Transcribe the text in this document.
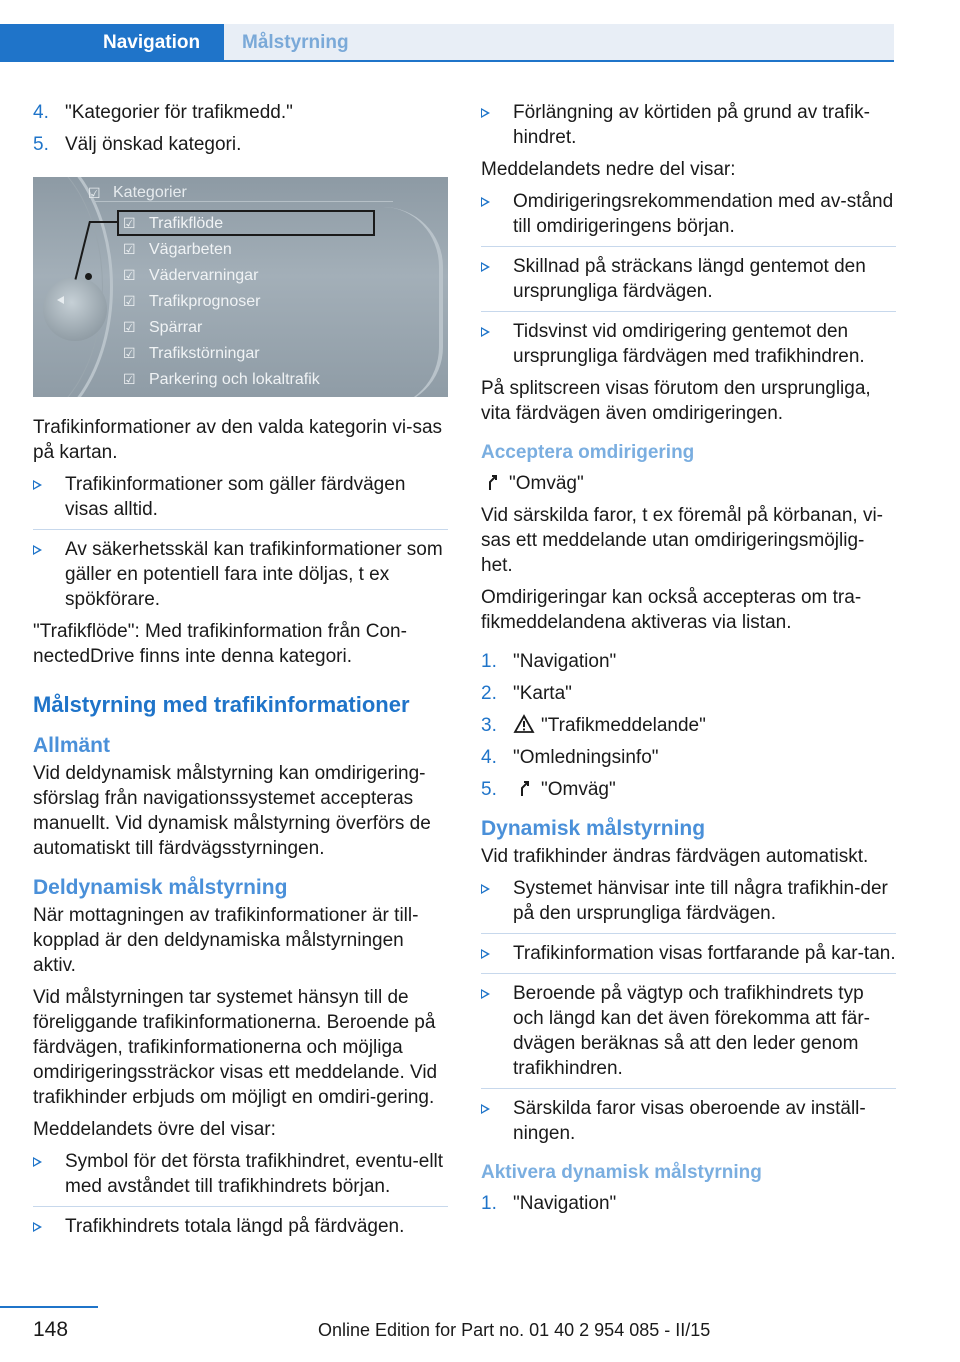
Navigation	Målstyrning
4. "Kategorier för trafikmedd."
5. Välj önskad kategori.
☑ Kategorier
☑ Trafikflöde
☑ Vägarbeten
☑ Vädervarningar
☑ Trafikprognoser
☑ Spärrar
☑ Trafikstörningar
☑ Parkering och lokaltrafik

Trafikinformationer av den valda kategorin vi-sas på kartan.

Trafikinformationer som gäller färdvägen visas alltid.
Av säkerhetsskäl kan trafikinformationer som gäller en potentiell fara inte döljas, t ex spökförare.

"Trafikflöde": Med trafikinformation från Con-nectedDrive finns inte denna kategori.

Målstyrning med trafikinformationer
Allmänt

Vid deldynamisk målstyrning kan omdirigering-sförslag från navigationssystemet accepteras manuellt. Vid dynamisk målstyrning överförs de automatiskt till färdvägsstyrningen.

Deldynamisk målstyrning

När mottagningen av trafikinformationer är till-kopplad är den deldynamiska målstyrningen aktiv.

Vid målstyrningen tar systemet hänsyn till de föreliggande trafikinformationerna. Beroende på färdvägen, trafikinformationerna och möjliga omdirigeringssträckor visas ett meddelande. Vid trafikhinder erbjuds om möjligt en omdiri-gering.

Meddelandets övre del visar:

Symbol för det första trafikhindret, eventu-ellt med avståndet till trafikhindrets början.
Trafikhindrets totala längd på färdvägen.
Förlängning av körtiden på grund av trafik-hindret.

Meddelandets nedre del visar:

Omdirigeringsrekommendation med av-stånd till omdirigeringens början.
Skillnad på sträckans längd gentemot den ursprungliga färdvägen.
Tidsvinst vid omdirigering gentemot den ursprungliga färdvägen med trafikhindren.

På splitscreen visas förutom den ursprungliga, vita färdvägen även omdirigeringen.

Acceptera omdirigering

"Omväg"

Vid särskilda faror, t ex föremål på körbanan, vi-sas ett meddelande utan omdirigeringsmöjlig-het.

Omdirigeringar kan också accepteras om tra-fikmeddelandena aktiveras via listan.

1. "Navigation"
2. "Karta"
3. "Trafikmeddelande"
4. "Omledningsinfo"
5. "Omväg"
Dynamisk målstyrning

Vid trafikhinder ändras färdvägen automatiskt.

Systemet hänvisar inte till några trafikhin-der på den ursprungliga färdvägen.
Trafikinformation visas fortfarande på kar-tan.
Beroende på vägtyp och trafikhindrets typ och längd kan det även förekomma att fär-dvägen beräknas så att den leder genom trafikhindren.
Särskilda faror visas oberoende av inställ-ningen.
Aktivera dynamisk målstyrning
1. "Navigation"
148	Online Edition for Part no. 01 40 2 954 085 - II/15
